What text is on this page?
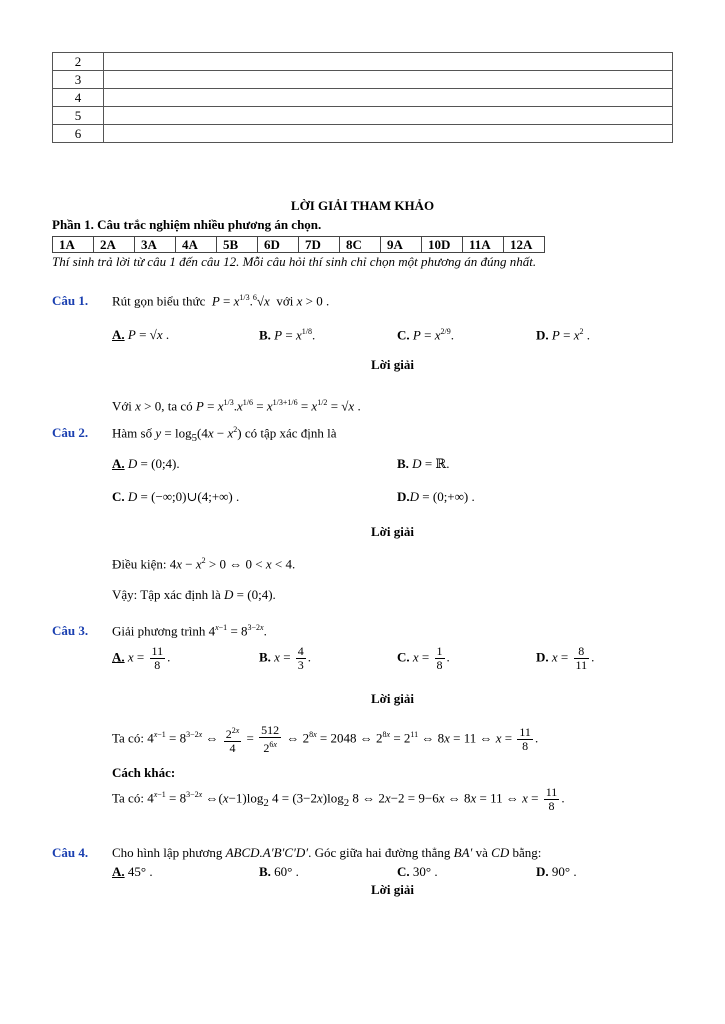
2	
3	
4	
5	
6	
LỜI GIẢI THAM KHẢO
Phần 1. Câu trắc nghiệm nhiều phương án chọn.
1A	2A	3A	4A	5B	6D	7D	8C	9A	10D	11A	12A
Thí sinh trả lời từ câu 1 đến câu 12. Mỗi câu hỏi thí sinh chỉ chọn một phương án đúng nhất.
Câu 1. Rút gọn biểu thức $P = x^{1/3}.^6√x$ với x > 0 .
A. P = √x .	B. $P = x^{1/8}$.	C. $P = x^{2/9}$.	D. $P = x^2$ .
Lời giải
Với x > 0, ta có $P = x^{1/3}.x^{1/6} = x^{1/3+1/6} = x^{1/2} = √x$ .
Câu 2. Hàm số $y = \log_5(4x - x^2)$ có tập xác định là
A. D = (0;4).	B. D = ℝ.
C. D = (−∞;0)∪(4;+∞) .	D.D = (0;+∞) .
Lời giải
Điều kiện: $4x - x^2 > 0$ ⇔ 0 < x < 4.
Vậy: Tập xác định là D = (0;4).
Câu 3. Giải phương trình $4^{x-1} = 8^{3-2x}$.
A. $x = \frac{11}{8}$ .	B. $x = \frac{4}{3}$ .	C. $x = \frac{1}{8}$ .	D. $x = \frac{8}{11}$ .
Lời giải
Ta có: $4^{x-1} = 8^{3-2x}$ ⇔ $\frac{2^{2x}}{4} = \frac{512}{2^{6x}}$ ⇔ $2^{8x} = 2048$ ⇔ $2^{8x} = 2^{11}$ ⇔ 8x = 11 ⇔ $x = \frac{11}{8}$ .
Cách khác:
Ta có: $4^{x-1} = 8^{3-2x}$ $\Leftrightarrow(x-1)\log_2$ $4 = (3-2x)\log_2$ 8 ⇔ 2x−2 = 9−6x ⇔ 8x = 11 ⇔ $x = \frac{11}{8}$ .
Câu 4. Cho hình lập phương ABCD.A′B′C′D′. Góc giữa hai đường thẳng BA′ và CD bằng:
A. 45° .	B. 60° .	C. 30° .	D. 90° .
Lời giải
